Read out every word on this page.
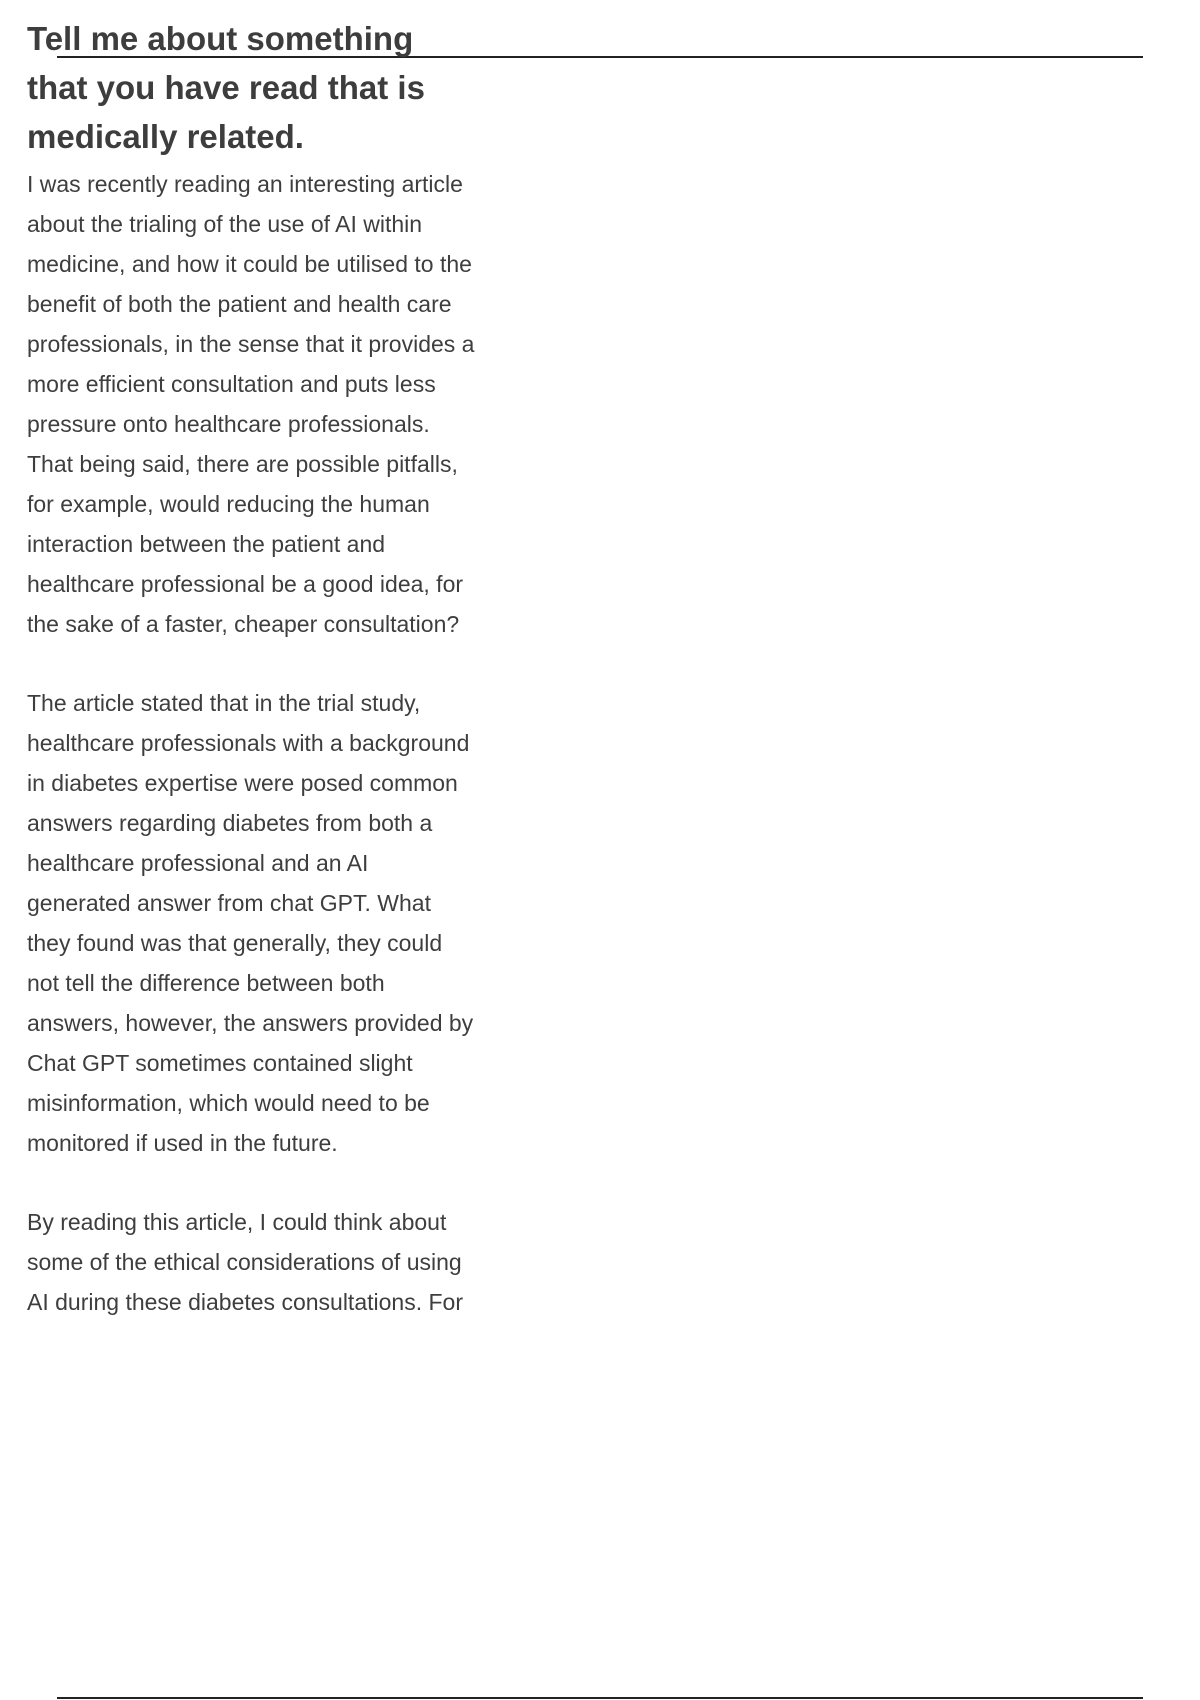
Tell me about something that you have read that is medically related.

I was recently reading an interesting article about the trialing of the use of AI within medicine, and how it could be utilised to the benefit of both the patient and health care professionals, in the sense that it provides a more efficient consultation and puts less pressure onto healthcare professionals. That being said, there are possible pitfalls, for example, would reducing the human interaction between the patient and healthcare professional be a good idea, for the sake of a faster, cheaper consultation?

The article stated that in the trial study, healthcare professionals with a background in diabetes expertise were posed common answers regarding diabetes from both a healthcare professional and an AI generated answer from chat GPT. What they found was that generally, they could not tell the difference between both answers, however, the answers provided by Chat GPT sometimes contained slight misinformation, which would need to be monitored if used in the future.

By reading this article, I could think about some of the ethical considerations of using AI during these diabetes consultations. For
